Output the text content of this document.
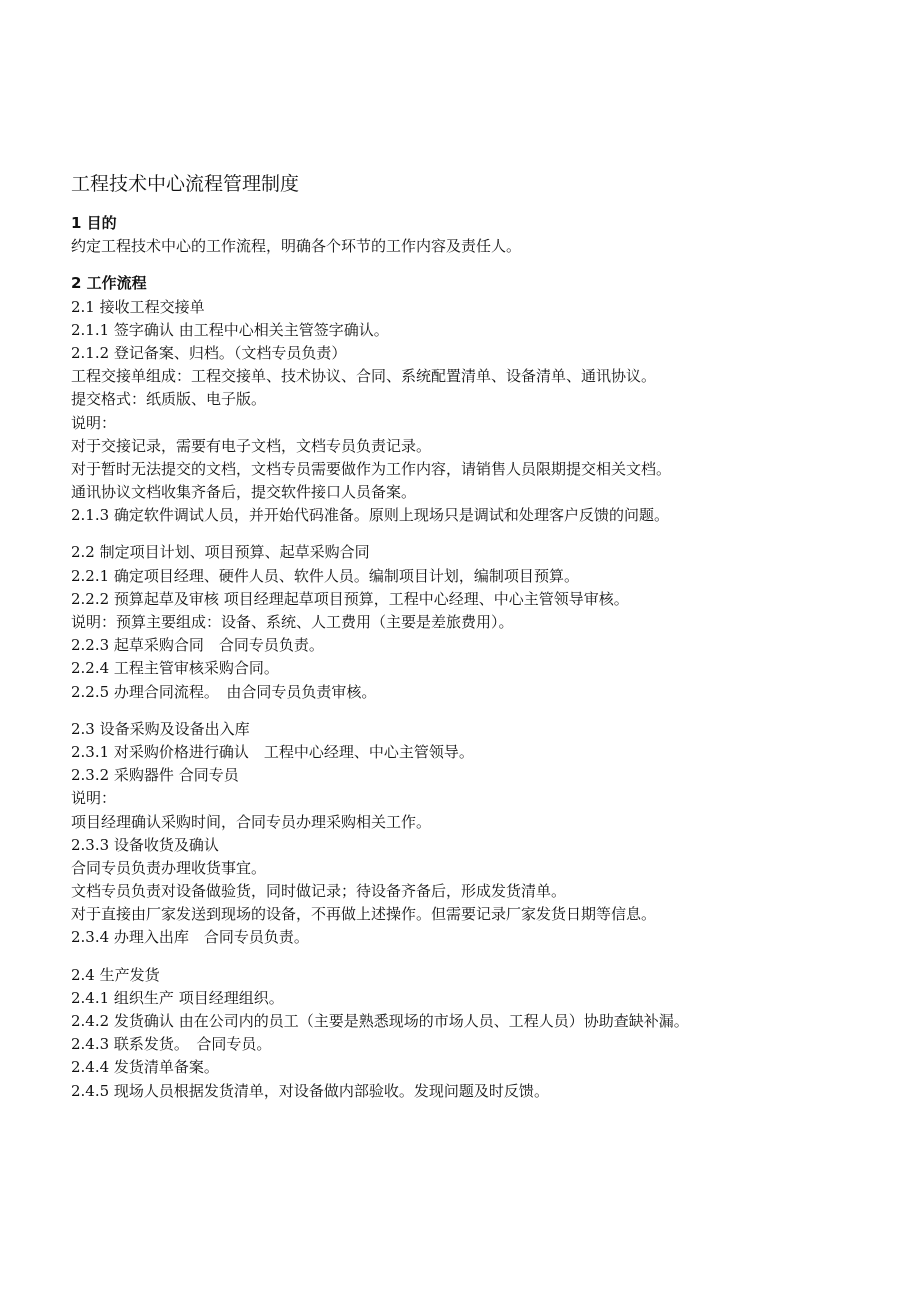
工程技术中心流程管理制度
1 目的
约定工程技术中心的工作流程，明确各个环节的工作内容及责任人。
2 工作流程
2.1 接收工程交接单
2.1.1 签字确认 由工程中心相关主管签字确认。
2.1.2 登记备案、归档。（文档专员负责）
工程交接单组成：工程交接单、技术协议、合同、系统配置清单、设备清单、通讯协议。
提交格式：纸质版、电子版。
说明：
对于交接记录，需要有电子文档，文档专员负责记录。
对于暂时无法提交的文档，文档专员需要做作为工作内容，请销售人员限期提交相关文档。
通讯协议文档收集齐备后，提交软件接口人员备案。
2.1.3 确定软件调试人员，并开始代码准备。原则上现场只是调试和处理客户反馈的问题。
2.2 制定项目计划、项目预算、起草采购合同
2.2.1 确定项目经理、硬件人员、软件人员。编制项目计划，编制项目预算。
2.2.2 预算起草及审核 项目经理起草项目预算，工程中心经理、中心主管领导审核。
说明：预算主要组成：设备、系统、人工费用（主要是差旅费用）。
2.2.3 起草采购合同　合同专员负责。
2.2.4 工程主管审核采购合同。
2.2.5 办理合同流程。　由合同专员负责审核。
2.3 设备采购及设备出入库
2.3.1 对采购价格进行确认　工程中心经理、中心主管领导。
2.3.2 采购器件 合同专员
说明：
项目经理确认采购时间，合同专员办理采购相关工作。
2.3.3 设备收货及确认
合同专员负责办理收货事宜。
文档专员负责对设备做验货，同时做记录；待设备齐备后，形成发货清单。
对于直接由厂家发送到现场的设备，不再做上述操作。但需要记录厂家发货日期等信息。
2.3.4 办理入出库　合同专员负责。
2.4 生产发货
2.4.1 组织生产 项目经理组织。
2.4.2 发货确认 由在公司内的员工（主要是熟悉现场的市场人员、工程人员）协助查缺补漏。
2.4.3 联系发货。　合同专员。
2.4.4 发货清单备案。
2.4.5 现场人员根据发货清单，对设备做内部验收。发现问题及时反馈。
